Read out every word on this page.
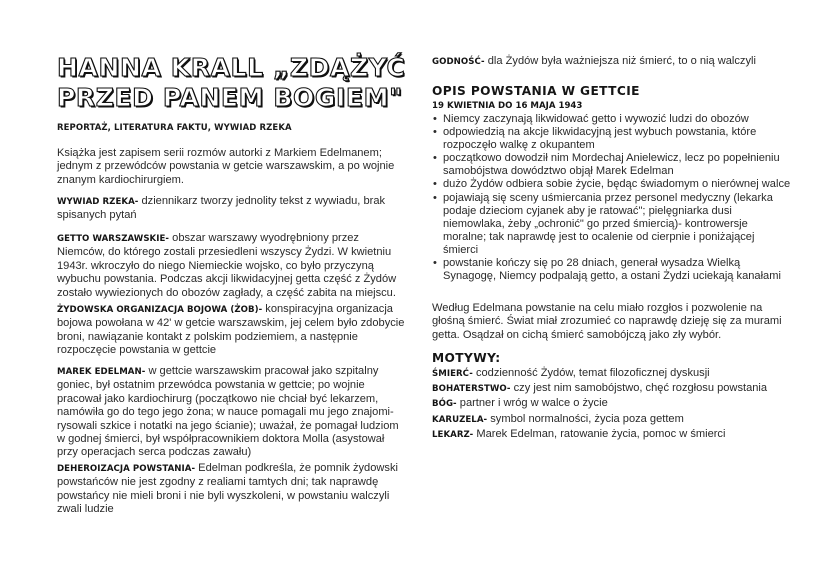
HANNA KRALL „ZDĄŻYĆ
PRZED PANEM BOGIEM"

REPORTAŻ, LITERATURA FAKTU, WYWIAD RZEKA

Książka jest zapisem serii rozmów autorki z Markiem Edelmanem; jednym z przewódców powstania w getcie warszawskim, a po wojnie znanym kardiochirurgiem.

WYWIAD RZEKA- dziennikarz tworzy jednolity tekst z wywiadu, brak spisanych pytań

GETTO WARSZAWSKIE- obszar warszawy wyodrębniony przez Niemców, do którego zostali przesiedleni wszyscy Żydzi. W kwietniu 1943r. wkroczyło do niego Niemieckie wojsko, co było przyczyną wybuchu powstania. Podczas akcji likwidacyjnej getta część z Żydów zostało wywiezionych do obozów zagłady, a część zabita na miejscu.

ŻYDOWSKA ORGANIZACJA BOJOWA (ŻOB)- konspiracyjna organizacja bojowa powołana w 42' w getcie warszawskim, jej celem było zdobycie broni, nawiązanie kontakt z polskim podziemiem, a następnie rozpoczęcie powstania w gettcie

MAREK EDELMAN- w gettcie warszawskim pracował jako szpitalny goniec, był ostatnim przewódca powstania w gettcie; po wojnie pracował jako kardiochirurg (początkowo nie chciał być lekarzem, namówiła go do tego jego żona; w nauce pomagali mu jego znajomi- rysowali szkice i notatki na jego ścianie); uważał, że pomagał ludziom w godnej śmierci, był współpracownikiem doktora Molla (asystował przy operacjach serca podczas zawału)

DEHEROIZACJA POWSTANIA- Edelman podkreśla, że pomnik żydowski powstańców nie jest zgodny z realiami tamtych dni; tak naprawdę powstańcy nie mieli broni i nie byli wyszkoleni, w powstaniu walczyli zwali ludzie

GODNOŚĆ- dla Żydów była ważniejsza niż śmierć, to o nią walczyli

OPIS POWSTANIA W GETTCIE
19 KWIETNIA DO 16 MAJA 1943
• Niemcy zaczynają likwidować getto i wywozić ludzi do obozów
• odpowiedzią na akcje likwidacyjną jest wybuch powstania, które rozpoczęło walkę z okupantem
• początkowo dowodził nim Mordechaj Anielewicz, lecz po popełnieniu samobójstwa dowództwo objął Marek Edelman
• dużo Żydów odbiera sobie życie, będąc świadomym o nierównej walce
• pojawiają się sceny uśmiercania przez personel medyczny (lekarka podaje dzieciom cyjanek aby je ratować"; pielęgniarka dusi niemowlaka, żeby „ochronić" go przed śmiercią)- kontrowersje moralne; tak naprawdę jest to ocalenie od cierpnie i poniżającej śmierci
• powstanie kończy się po 28 dniach, generał wysadza Wielką Synagogę, Niemcy podpalają getto, a ostani Żydzi uciekają kanałami

Według Edelmana powstanie na celu miało rozgłos i pozwolenie na głośną śmierć. Świat miał zrozumieć co naprawdę dzieję się za murami getta. Osądzał on cichą śmierć samobójczą jako zły wybór.

MOTYWY:
ŚMIERĆ- codzienność Żydów, temat filozoficznej dyskusji
BOHATERSTWO- czy jest nim samobójstwo, chęć rozgłosu powstania
BÓG- partner i wróg w walce o życie
KARUZELA- symbol normalności, życia poza gettem
LEKARZ- Marek Edelman, ratowanie życia, pomoc w śmierci
